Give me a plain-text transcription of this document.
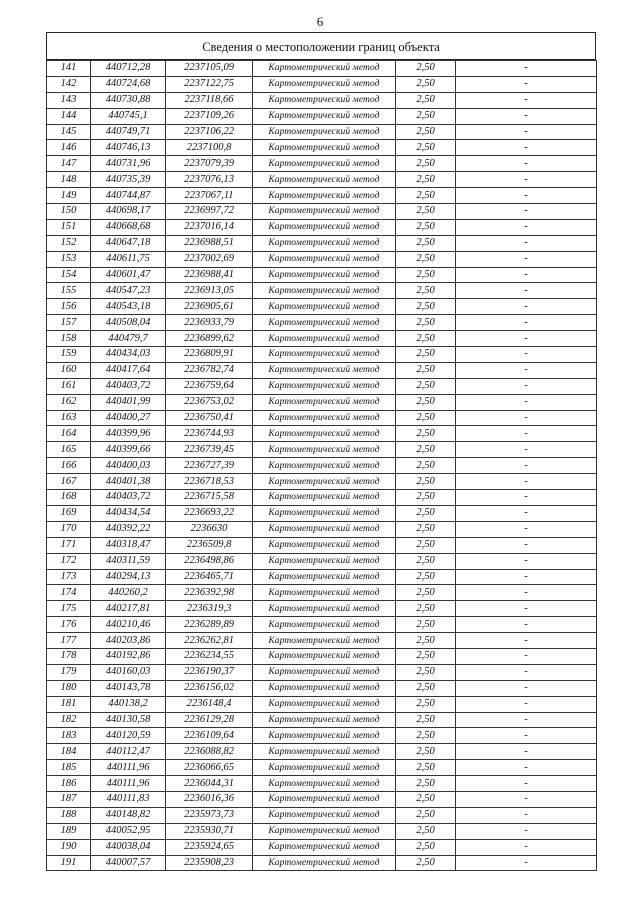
6
Сведения о местоположении границ объекта
141	440712,28	2237105,09	Картометрический метод	2,50	-
142	440724,68	2237122,75	Картометрический метод	2,50	-
143	440730,88	2237118,66	Картометрический метод	2,50	-
144	440745,1	2237109,26	Картометрический метод	2,50	-
145	440749,71	2237106,22	Картометрический метод	2,50	-
146	440746,13	2237100,8	Картометрический метод	2,50	-
147	440731,96	2237079,39	Картометрический метод	2,50	-
148	440735,39	2237076,13	Картометрический метод	2,50	-
149	440744,87	2237067,11	Картометрический метод	2,50	-
150	440698,17	2236997,72	Картометрический метод	2,50	-
151	440668,68	2237016,14	Картометрический метод	2,50	-
152	440647,18	2236988,51	Картометрический метод	2,50	-
153	440611,75	2237002,69	Картометрический метод	2,50	-
154	440601,47	2236988,41	Картометрический метод	2,50	-
155	440547,23	2236913,05	Картометрический метод	2,50	-
156	440543,18	2236905,61	Картометрический метод	2,50	-
157	440508,04	2236933,79	Картометрический метод	2,50	-
158	440479,7	2236899,62	Картометрический метод	2,50	-
159	440434,03	2236809,91	Картометрический метод	2,50	-
160	440417,64	2236782,74	Картометрический метод	2,50	-
161	440403,72	2236759,64	Картометрический метод	2,50	-
162	440401,99	2236753,02	Картометрический метод	2,50	-
163	440400,27	2236750,41	Картометрический метод	2,50	-
164	440399,96	2236744,93	Картометрический метод	2,50	-
165	440399,66	2236739,45	Картометрический метод	2,50	-
166	440400,03	2236727,39	Картометрический метод	2,50	-
167	440401,38	2236718,53	Картометрический метод	2,50	-
168	440403,72	2236715,58	Картометрический метод	2,50	-
169	440434,54	2236693,22	Картометрический метод	2,50	-
170	440392,22	2236630	Картометрический метод	2,50	-
171	440318,47	2236509,8	Картометрический метод	2,50	-
172	440311,59	2236498,86	Картометрический метод	2,50	-
173	440294,13	2236465,71	Картометрический метод	2,50	-
174	440260,2	2236392,98	Картометрический метод	2,50	-
175	440217,81	2236319,3	Картометрический метод	2,50	-
176	440210,46	2236289,89	Картометрический метод	2,50	-
177	440203,86	2236262,81	Картометрический метод	2,50	-
178	440192,86	2236234,55	Картометрический метод	2,50	-
179	440160,03	2236190,37	Картометрический метод	2,50	-
180	440143,78	2236156,02	Картометрический метод	2,50	-
181	440138,2	2236148,4	Картометрический метод	2,50	-
182	440130,58	2236129,28	Картометрический метод	2,50	-
183	440120,59	2236109,64	Картометрический метод	2,50	-
184	440112,47	2236088,82	Картометрический метод	2,50	-
185	440111,96	2236066,65	Картометрический метод	2,50	-
186	440111,96	2236044,31	Картометрический метод	2,50	-
187	440111,83	2236016,36	Картометрический метод	2,50	-
188	440148,82	2235973,73	Картометрический метод	2,50	-
189	440052,95	2235930,71	Картометрический метод	2,50	-
190	440038,04	2235924,65	Картометрический метод	2,50	-
191	440007,57	2235908,23	Картометрический метод	2,50	-
